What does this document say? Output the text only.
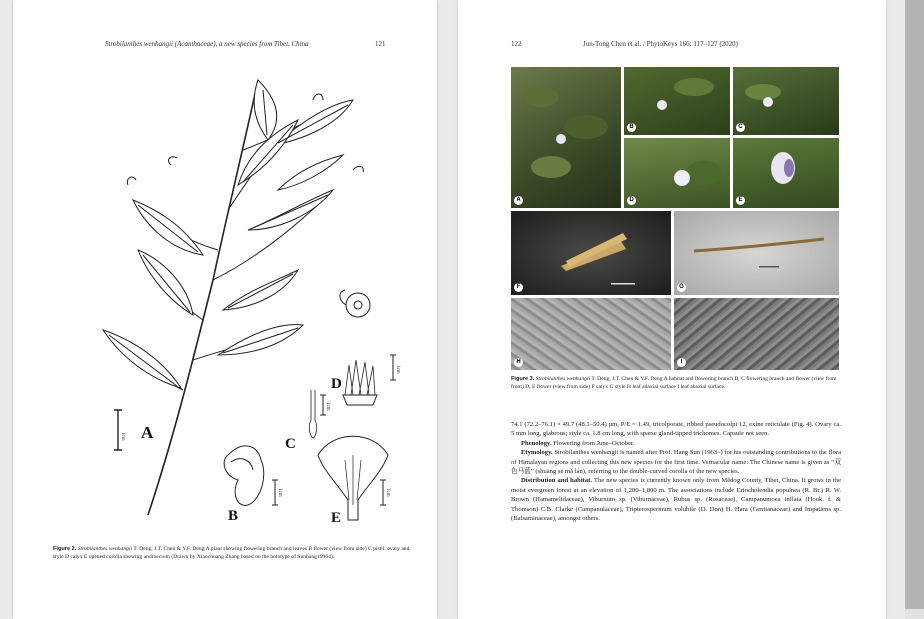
Strobilanthes wenhangii (Acanthaceae), a new species from Tibet, China	121
A
B
C
D
E
1cm
1cm
1cm
1cm	1cm
Figure 2. Strobilanthes wenhangii T. Deng, J.T. Chen & Y.F. Deng A plant showing flowering branch and leaves B flower (view from side) C pistil, ovary and style D calyx E opened corolla showing androecium (Drawn by Xiaochuang Zhang based on the holotype of Sunhang19964).
122	Jun-Tong Chen et al. / PhytoKeys 166: 117–127 (2020)
A
B	C
D	E
F	G
H	I
Figure 3. Strobilanthes wenhangii T. Deng, J.T. Chen & Y.F. Deng A habitat and flowering branch B, C flowering branch and flower (view from front) D, E flower (view from side) F calyx G style H leaf adaxial surface I leaf abaxial surface.

74.1 (72.2–76.1) × 49.7 (48.1–50.4) μm, P/E = 1.49, tricolporate, ribbed pseudocolpi 12, exine reticulate (Fig. 4). Ovary ca. 5 mm long, glabrous; style ca. 1.8 cm long, with sparse gland-tipped trichomes. Capsule not seen.

Phenology. Flowering from June–October.

Etymology. Strobilanthes wenhangii is named after Prof. Hang Sun (1963–) for his outstanding contributions to the flora of Himalayan regions and collecting this new species for the first time. Vernacular name: The Chinese name is given as “双色马蓝” (shuāng sè mǎ lán), referring to the double-curved corolla of the new species.

Distribution and habitat. The new species is currently known only from Mêdog County, Tibet, China. It grows in the moist evergreen forest at an elevation of 1,200–1,800 m. The associations include Eriocholendia populnea (R. Br.) R. W. Brown (Hamamelidaceae), Viburnum sp. (Viburnaceae), Rubus sp. (Rosaceae), Campanumoea inflata (Hook. f. & Thomson) C.B. Clarke (Campanulaceae), Tripterospermum volubile (D. Don) H. Hara (Gentianaceae) and Impatiens sp. (Balsaminaceae), amongst others.
